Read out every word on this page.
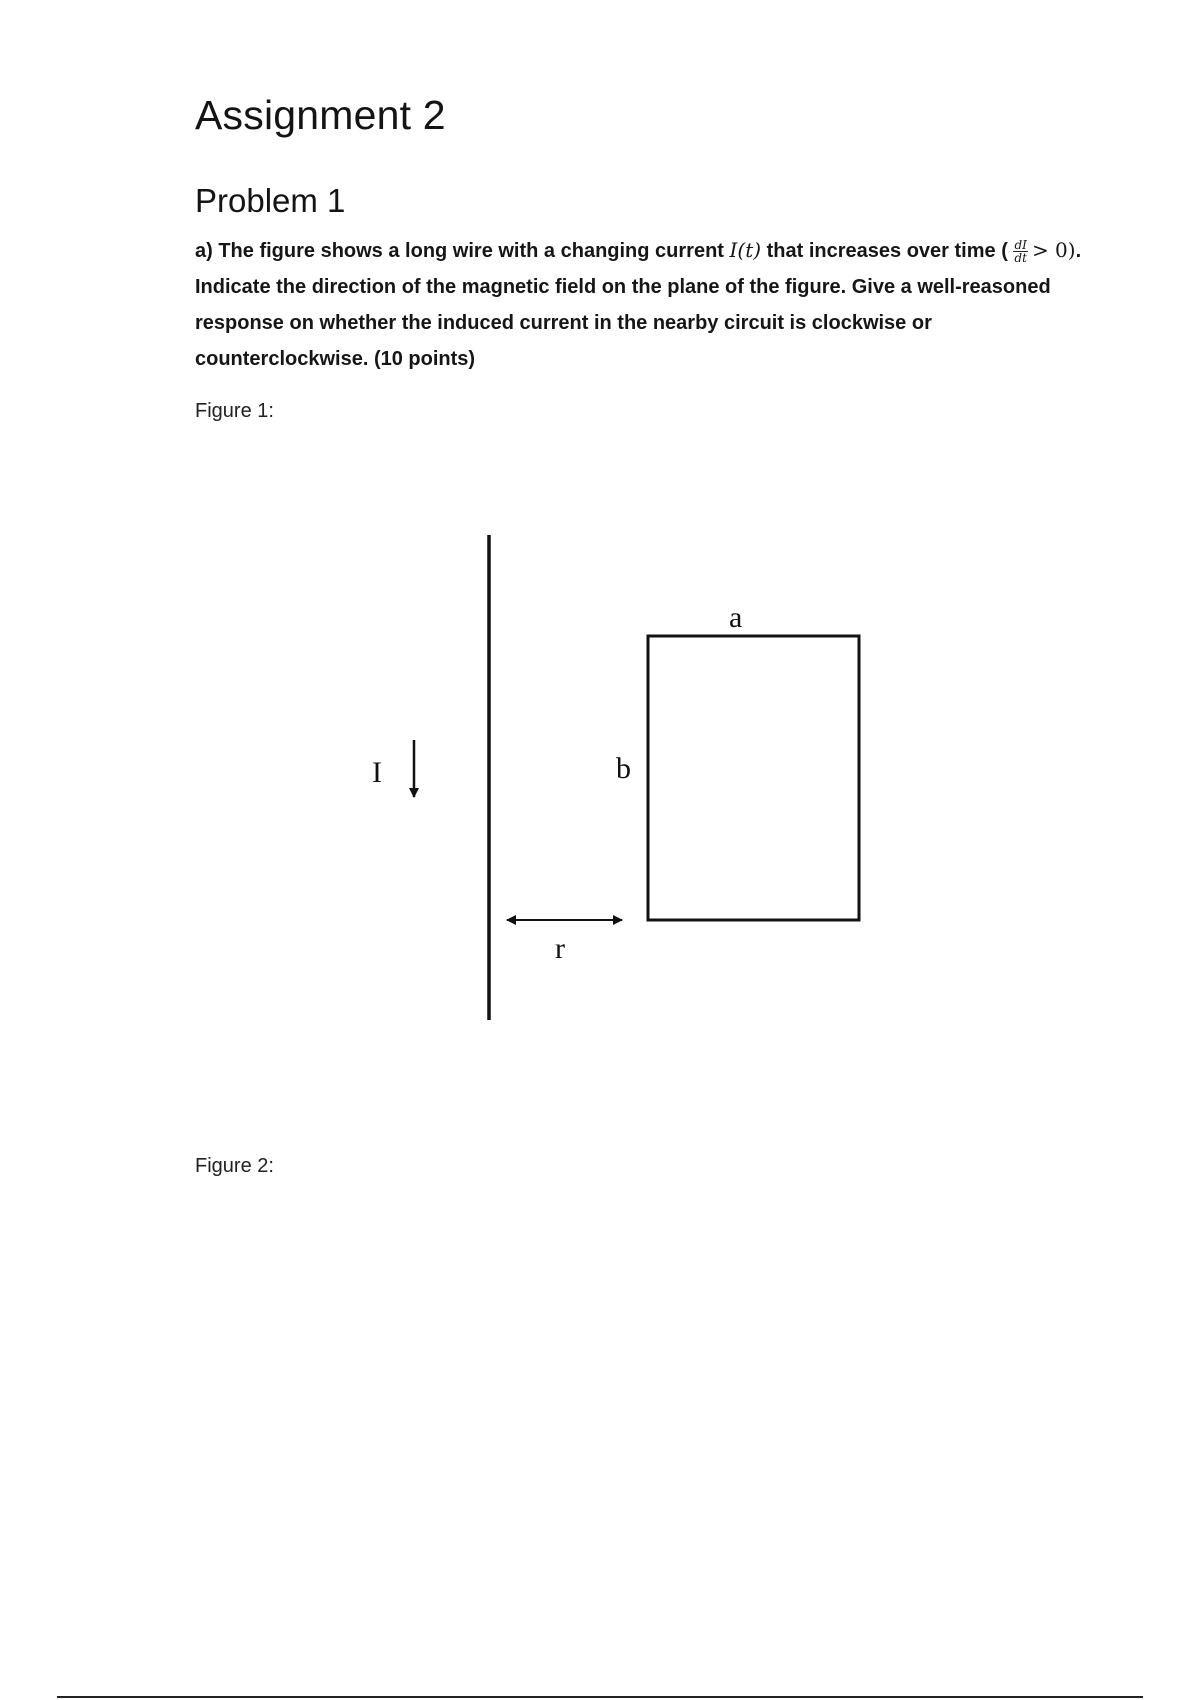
Assignment 2
Problem 1

a) The figure shows a long wire with a changing current I(t) that increases over time ( $\frac{dI}{dt} > 0$). Indicate the direction of the magnetic field on the plane of the figure. Give a well-reasoned response on whether the induced current in the nearby circuit is clockwise or counterclockwise. (10 points)

Figure 1:

I
a
b
r

Figure 2:
